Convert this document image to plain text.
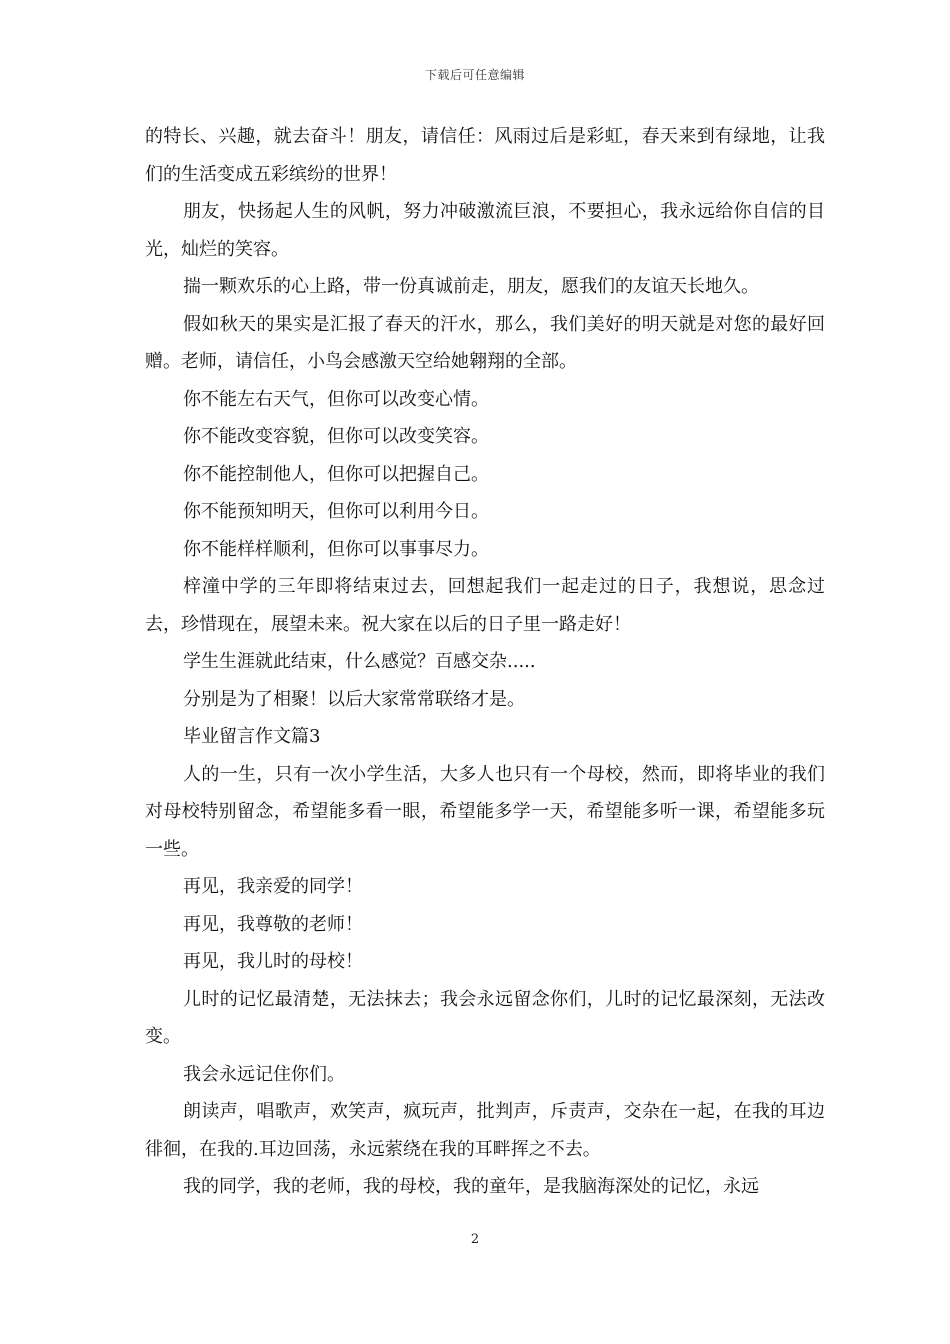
下载后可任意编辑

的特长、兴趣，就去奋斗！朋友，请信任：风雨过后是彩虹，春天来到有绿地，让我们的生活变成五彩缤纷的世界！

朋友，快扬起人生的风帆，努力冲破激流巨浪，不要担心，我永远给你自信的目光，灿烂的笑容。

揣一颗欢乐的心上路，带一份真诚前走，朋友，愿我们的友谊天长地久。

假如秋天的果实是汇报了春天的汗水，那么，我们美好的明天就是对您的最好回赠。老师，请信任，小鸟会感激天空给她翱翔的全部。

你不能左右天气，但你可以改变心情。

你不能改变容貌，但你可以改变笑容。

你不能控制他人，但你可以把握自己。

你不能预知明天，但你可以利用今日。

你不能样样顺利，但你可以事事尽力。

梓潼中学的三年即将结束过去，回想起我们一起走过的日子，我想说，思念过去，珍惜现在，展望未来。祝大家在以后的日子里一路走好！

学生生涯就此结束，什么感觉？百感交杂.....

分别是为了相聚！以后大家常常联络才是。

毕业留言作文篇3

人的一生，只有一次小学生活，大多人也只有一个母校，然而，即将毕业的我们对母校特别留念，希望能多看一眼，希望能多学一天，希望能多听一课，希望能多玩一些。

再见，我亲爱的同学！

再见，我尊敬的老师！

再见，我儿时的母校！

儿时的记忆最清楚，无法抹去；我会永远留念你们，儿时的记忆最深刻，无法改变。

我会永远记住你们。

朗读声，唱歌声，欢笑声，疯玩声，批判声，斥责声，交杂在一起，在我的耳边徘徊，在我的.耳边回荡，永远萦绕在我的耳畔挥之不去。

我的同学，我的老师，我的母校，我的童年，是我脑海深处的记忆，永远

2
